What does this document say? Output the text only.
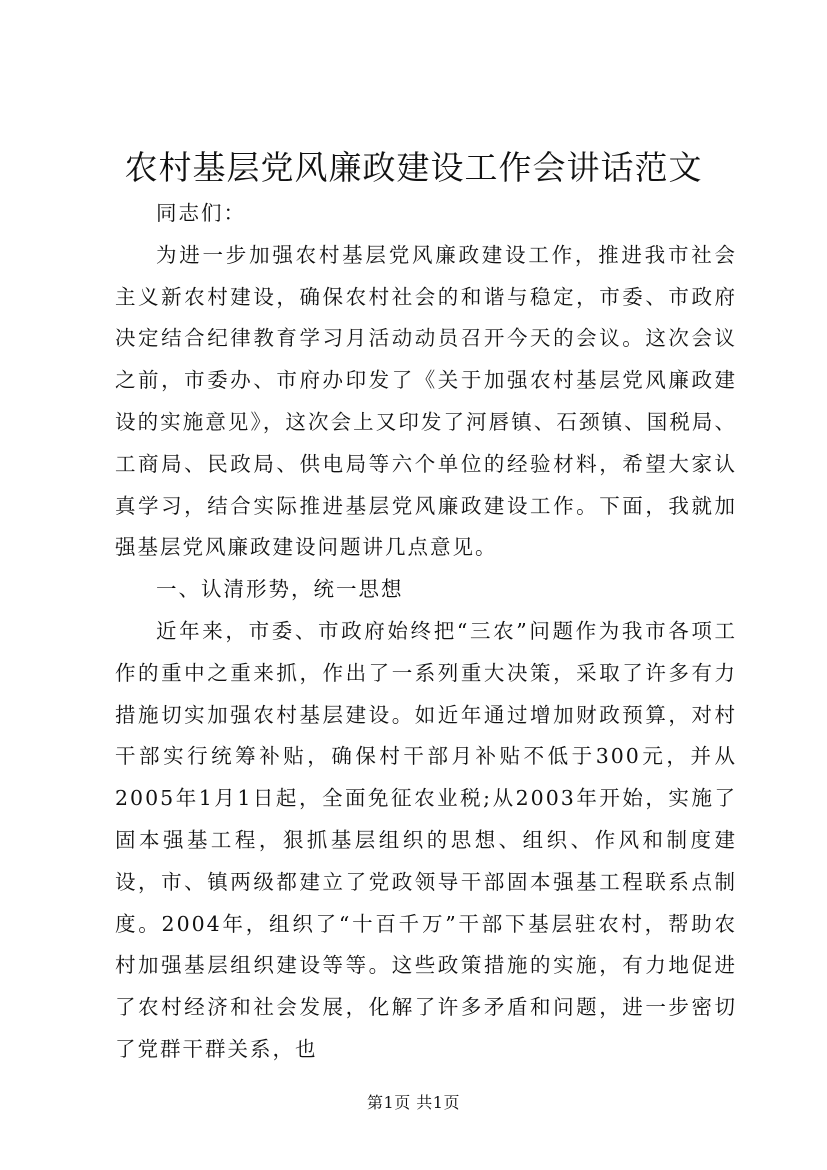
农村基层党风廉政建设工作会讲话范文

同志们：

为进一步加强农村基层党风廉政建设工作，推进我市社会主义新农村建设，确保农村社会的和谐与稳定，市委、市政府决定结合纪律教育学习月活动动员召开今天的会议。这次会议之前，市委办、市府办印发了《关于加强农村基层党风廉政建设的实施意见》，这次会上又印发了河唇镇、石颈镇、国税局、工商局、民政局、供电局等六个单位的经验材料，希望大家认真学习，结合实际推进基层党风廉政建设工作。下面，我就加强基层党风廉政建设问题讲几点意见。

一、认清形势，统一思想

近年来，市委、市政府始终把“三农”问题作为我市各项工作的重中之重来抓，作出了一系列重大决策，采取了许多有力措施切实加强农村基层建设。如近年通过增加财政预算，对村干部实行统筹补贴，确保村干部月补贴不低于300元，并从2005年1月1日起，全面免征农业税;从2003年开始，实施了固本强基工程，狠抓基层组织的思想、组织、作风和制度建设，市、镇两级都建立了党政领导干部固本强基工程联系点制度。2004年，组织了“十百千万”干部下基层驻农村，帮助农村加强基层组织建设等等。这些政策措施的实施，有力地促进了农村经济和社会发展，化解了许多矛盾和问题，进一步密切了党群干群关系，也

第1页 共1页
